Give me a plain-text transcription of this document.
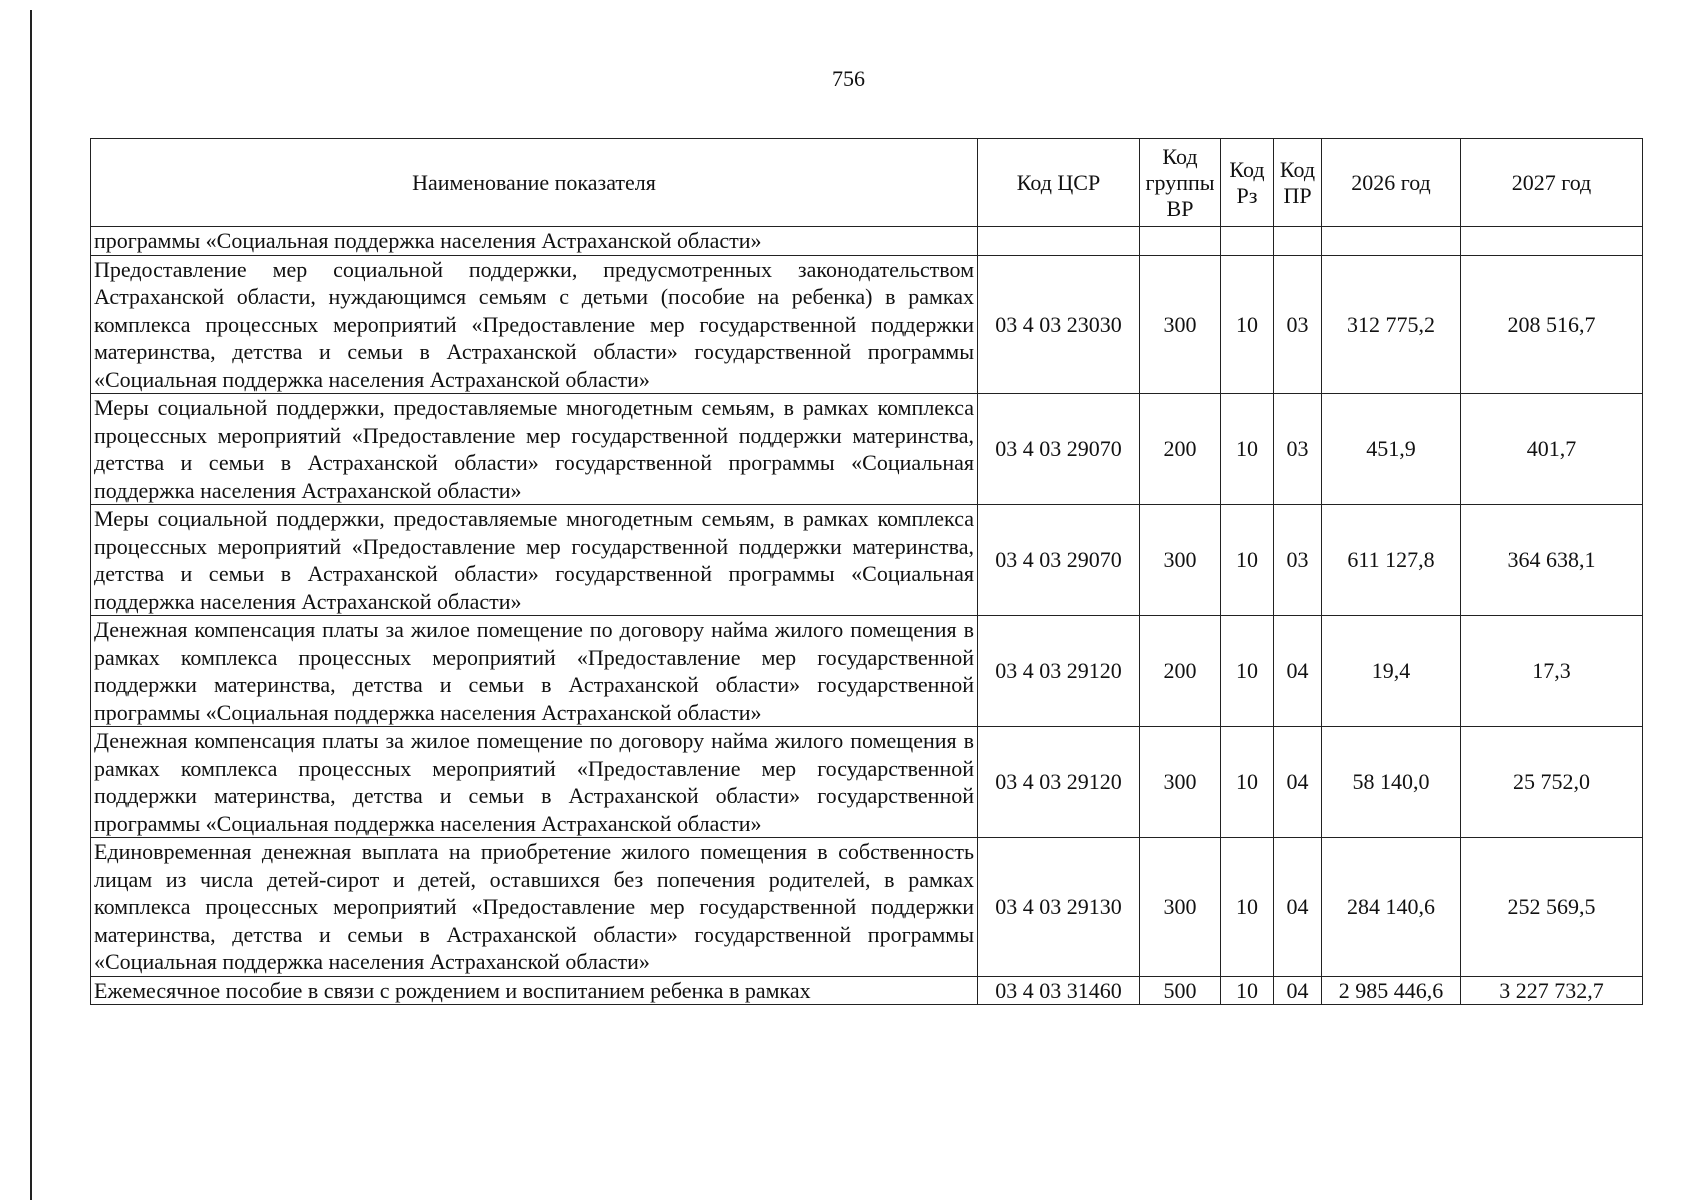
756
Наименование показателя	Код ЦСР	Код группы ВР	Код Рз	Код ПР	2026 год	2027 год
программы «Социальная поддержка населения Астраханской области»						
Предоставление мер социальной поддержки, предусмотренных законодательством Астраханской области, нуждающимся семьям с детьми (пособие на ребенка) в рамках комплекса процессных мероприятий «Предоставление мер государственной поддержки материнства, детства и семьи в Астраханской области» государственной программы «Социальная поддержка населения Астраханской области»	03 4 03 23030	300	10	03	312 775,2	208 516,7
Меры социальной поддержки, предоставляемые многодетным семьям, в рамках комплекса процессных мероприятий «Предоставление мер государственной поддержки материнства, детства и семьи в Астраханской области» государственной программы «Социальная поддержка населения Астраханской области»	03 4 03 29070	200	10	03	451,9	401,7
Меры социальной поддержки, предоставляемые многодетным семьям, в рамках комплекса процессных мероприятий «Предоставление мер государственной поддержки материнства, детства и семьи в Астраханской области» государственной программы «Социальная поддержка населения Астраханской области»	03 4 03 29070	300	10	03	611 127,8	364 638,1
Денежная компенсация платы за жилое помещение по договору найма жилого помещения в рамках комплекса процессных мероприятий «Предоставление мер государственной поддержки материнства, детства и семьи в Астраханской области» государственной программы «Социальная поддержка населения Астраханской области»	03 4 03 29120	200	10	04	19,4	17,3
Денежная компенсация платы за жилое помещение по договору найма жилого помещения в рамках комплекса процессных мероприятий «Предоставление мер государственной поддержки материнства, детства и семьи в Астраханской области» государственной программы «Социальная поддержка населения Астраханской области»	03 4 03 29120	300	10	04	58 140,0	25 752,0
Единовременная денежная выплата на приобретение жилого помещения в собственность лицам из числа детей-сирот и детей, оставшихся без попечения родителей, в рамках комплекса процессных мероприятий «Предоставление мер государственной поддержки материнства, детства и семьи в Астраханской области» государственной программы «Социальная поддержка населения Астраханской области»	03 4 03 29130	300	10	04	284 140,6	252 569,5
Ежемесячное пособие в связи с рождением и воспитанием ребенка в рамках	03 4 03 31460	500	10	04	2 985 446,6	3 227 732,7
